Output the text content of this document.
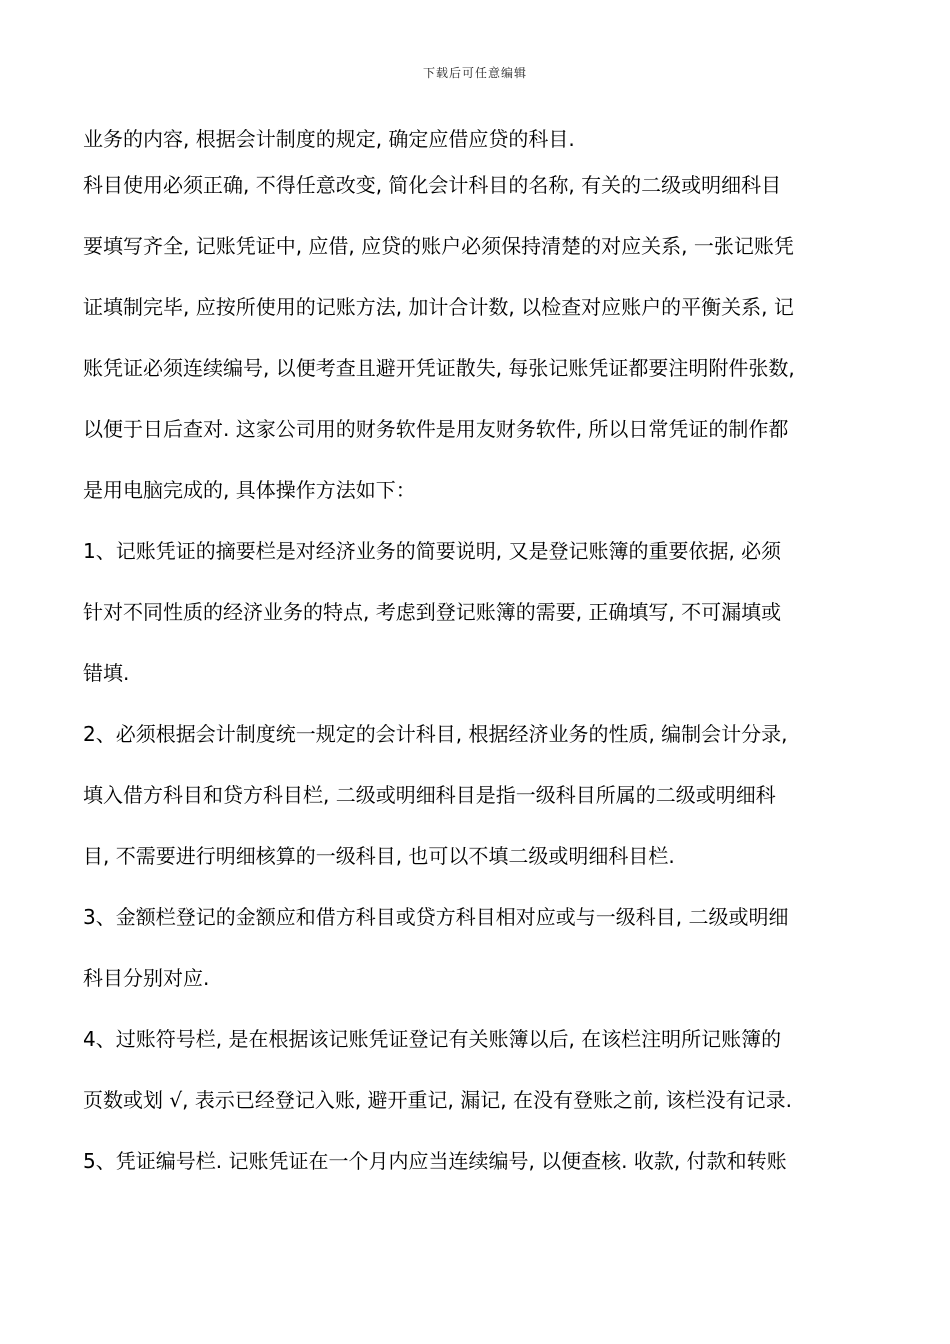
下载后可任意编辑
业务的内容, 根据会计制度的规定, 确定应借应贷的科目.
科目使用必须正确, 不得任意改变, 简化会计科目的名称, 有关的二级或明细科目
要填写齐全, 记账凭证中, 应借, 应贷的账户必须保持清楚的对应关系, 一张记账凭
证填制完毕, 应按所使用的记账方法, 加计合计数, 以检查对应账户的平衡关系, 记
账凭证必须连续编号, 以便考查且避开凭证散失, 每张记账凭证都要注明附件张数,
以便于日后查对. 这家公司用的财务软件是用友财务软件, 所以日常凭证的制作都
是用电脑完成的, 具体操作方法如下：
1、记账凭证的摘要栏是对经济业务的简要说明, 又是登记账簿的重要依据, 必须
针对不同性质的经济业务的特点, 考虑到登记账簿的需要, 正确填写, 不可漏填或
错填.
2、必须根据会计制度统一规定的会计科目, 根据经济业务的性质, 编制会计分录,
填入借方科目和贷方科目栏, 二级或明细科目是指一级科目所属的二级或明细科
目, 不需要进行明细核算的一级科目, 也可以不填二级或明细科目栏.
3、金额栏登记的金额应和借方科目或贷方科目相对应或与一级科目, 二级或明细
科目分别对应.
4、过账符号栏, 是在根据该记账凭证登记有关账簿以后, 在该栏注明所记账簿的
页数或划 √, 表示已经登记入账, 避开重记, 漏记, 在没有登账之前, 该栏没有记录.
5、凭证编号栏. 记账凭证在一个月内应当连续编号, 以便查核. 收款, 付款和转账
